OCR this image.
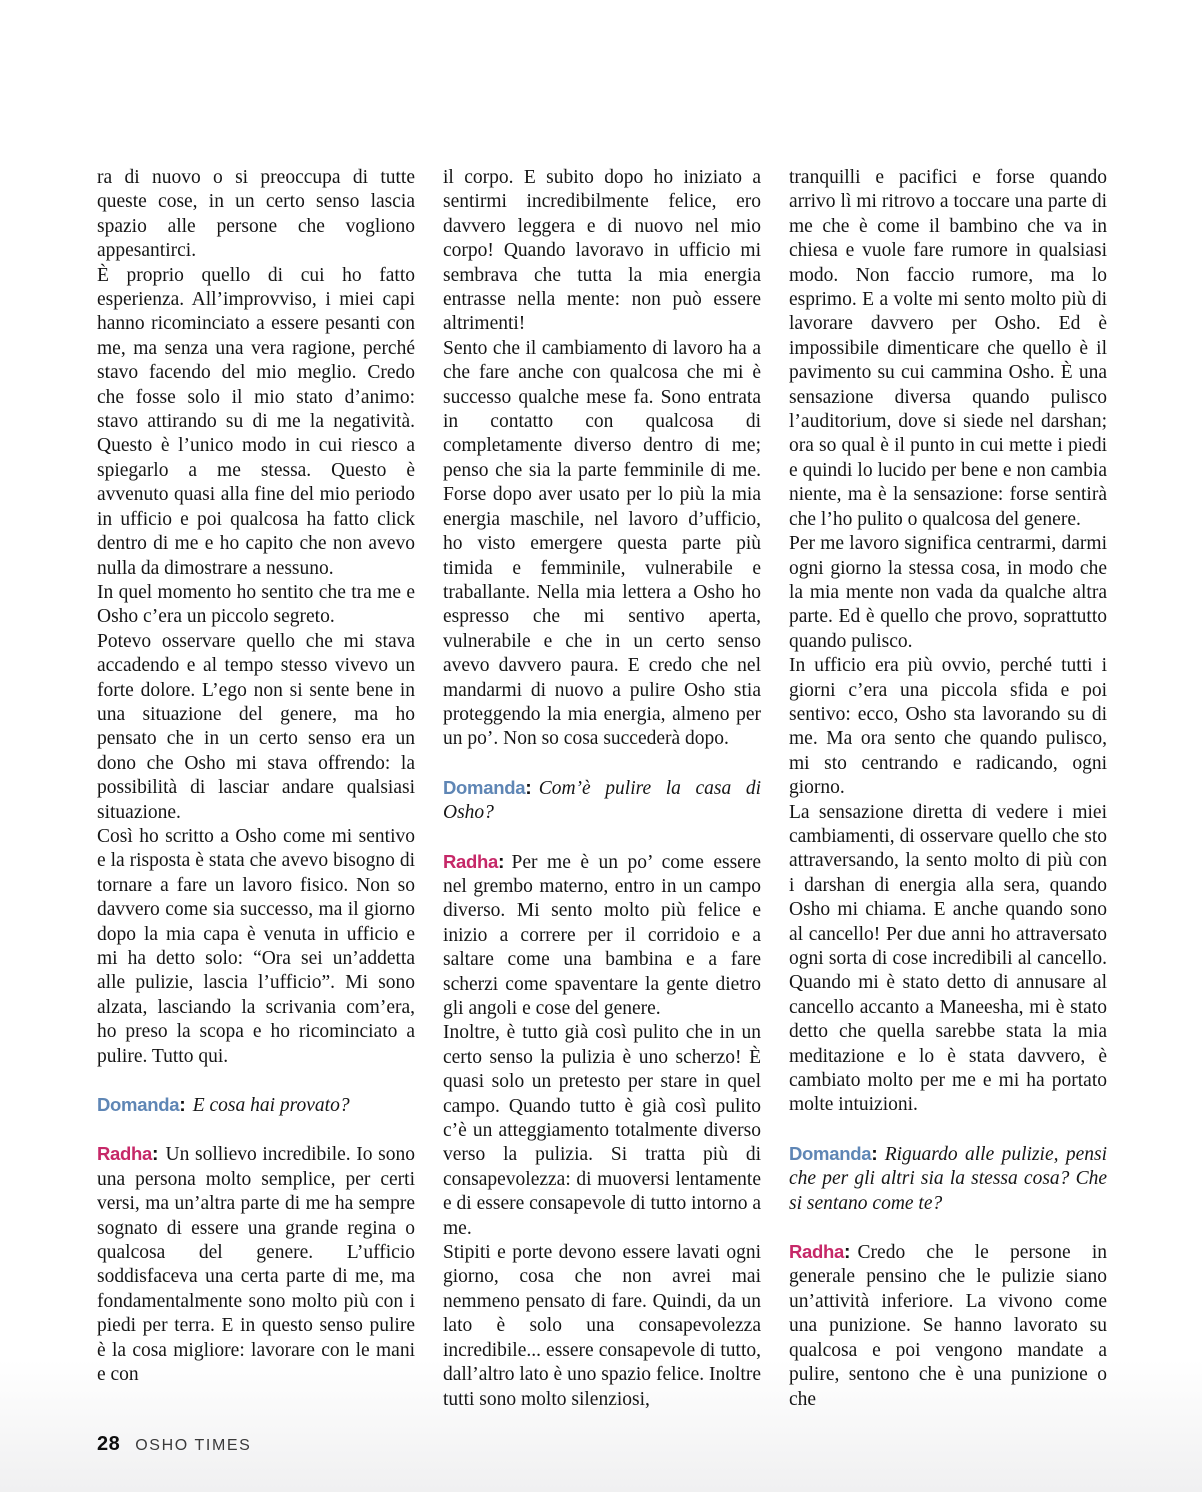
ra di nuovo o si preoccupa di tutte queste cose, in un certo senso lascia spazio alle persone che vogliono appesantirci.

È proprio quello di cui ho fatto esperienza. All’improvviso, i miei capi hanno ricominciato a essere pesanti con me, ma senza una vera ragione, perché stavo facendo del mio meglio. Credo che fosse solo il mio stato d’animo: stavo attirando su di me la negatività. Questo è l’unico modo in cui riesco a spiegarlo a me stessa. Questo è avvenuto quasi alla fine del mio periodo in ufficio e poi qualcosa ha fatto click dentro di me e ho capito che non avevo nulla da dimostrare a nessuno.

In quel momento ho sentito che tra me e Osho c’era un piccolo segreto.

Potevo osservare quello che mi stava accadendo e al tempo stesso vivevo un forte dolore. L’ego non si sente bene in una situazione del genere, ma ho pensato che in un certo senso era un dono che Osho mi stava offrendo: la possibilità di lasciar andare qualsiasi situazione.

Così ho scritto a Osho come mi sentivo e la risposta è stata che avevo bisogno di tornare a fare un lavoro fisico. Non so davvero come sia successo, ma il giorno dopo la mia capa è venuta in ufficio e mi ha detto solo: “Ora sei un’addetta alle pulizie, lascia l’ufficio”. Mi sono alzata, lasciando la scrivania com’era, ho preso la scopa e ho ricominciato a pulire. Tutto qui.

Domanda: E cosa hai provato?

Radha: Un sollievo incredibile. Io sono una persona molto semplice, per certi versi, ma un’altra parte di me ha sempre sognato di essere una grande regina o qualcosa del genere. L’ufficio soddisfaceva una certa parte di me, ma fondamentalmente sono molto più con i piedi per terra. E in questo senso pulire è la cosa migliore: lavorare con le mani e con

il corpo. E subito dopo ho iniziato a sentirmi incredibilmente felice, ero davvero leggera e di nuovo nel mio corpo! Quando lavoravo in ufficio mi sembrava che tutta la mia energia entrasse nella mente: non può essere altrimenti!

Sento che il cambiamento di lavoro ha a che fare anche con qualcosa che mi è successo qualche mese fa. Sono entrata in contatto con qualcosa di completamente diverso dentro di me; penso che sia la parte femminile di me. Forse dopo aver usato per lo più la mia energia maschile, nel lavoro d’ufficio, ho visto emergere questa parte più timida e femminile, vulnerabile e traballante. Nella mia lettera a Osho ho espresso che mi sentivo aperta, vulnerabile e che in un certo senso avevo davvero paura. E credo che nel mandarmi di nuovo a pulire Osho stia proteggendo la mia energia, almeno per un po’. Non so cosa succederà dopo.

Domanda: Com’è pulire la casa di Osho?

Radha: Per me è un po’ come essere nel grembo materno, entro in un campo diverso. Mi sento molto più felice e inizio a correre per il corridoio e a saltare come una bambina e a fare scherzi come spaventare la gente dietro gli angoli e cose del genere.

Inoltre, è tutto già così pulito che in un certo senso la pulizia è uno scherzo! È quasi solo un pretesto per stare in quel campo. Quando tutto è già così pulito c’è un atteggiamento totalmente diverso verso la pulizia. Si tratta più di consapevolezza: di muoversi lentamente e di essere consapevole di tutto intorno a me.

Stipiti e porte devono essere lavati ogni giorno, cosa che non avrei mai nemmeno pensato di fare. Quindi, da un lato è solo una consapevolezza incredibile... essere consapevole di tutto, dall’altro lato è uno spazio felice. Inoltre tutti sono molto silenziosi,

tranquilli e pacifici e forse quando arrivo lì mi ritrovo a toccare una parte di me che è come il bambino che va in chiesa e vuole fare rumore in qualsiasi modo. Non faccio rumore, ma lo esprimo. E a volte mi sento molto più di lavorare davvero per Osho. Ed è impossibile dimenticare che quello è il pavimento su cui cammina Osho. È una sensazione diversa quando pulisco l’auditorium, dove si siede nel darshan; ora so qual è il punto in cui mette i piedi e quindi lo lucido per bene e non cambia niente, ma è la sensazione: forse sentirà che l’ho pulito o qualcosa del genere.

Per me lavoro significa centrarmi, darmi ogni giorno la stessa cosa, in modo che la mia mente non vada da qualche altra parte. Ed è quello che provo, soprattutto quando pulisco.

In ufficio era più ovvio, perché tutti i giorni c’era una piccola sfida e poi sentivo: ecco, Osho sta lavorando su di me. Ma ora sento che quando pulisco, mi sto centrando e radicando, ogni giorno.

La sensazione diretta di vedere i miei cambiamenti, di osservare quello che sto attraversando, la sento molto di più con i darshan di energia alla sera, quando Osho mi chiama. E anche quando sono al cancello! Per due anni ho attraversato ogni sorta di cose incredibili al cancello. Quando mi è stato detto di annusare al cancello accanto a Maneesha, mi è stato detto che quella sarebbe stata la mia meditazione e lo è stata davvero, è cambiato molto per me e mi ha portato molte intuizioni.

Domanda: Riguardo alle pulizie, pensi che per gli altri sia la stessa cosa? Che si sentano come te?

Radha: Credo che le persone in generale pensino che le pulizie siano un’attività inferiore. La vivono come una punizione. Se hanno lavorato su qualcosa e poi vengono mandate a pulire, sentono che è una punizione o che

28 OSHO TIMES
